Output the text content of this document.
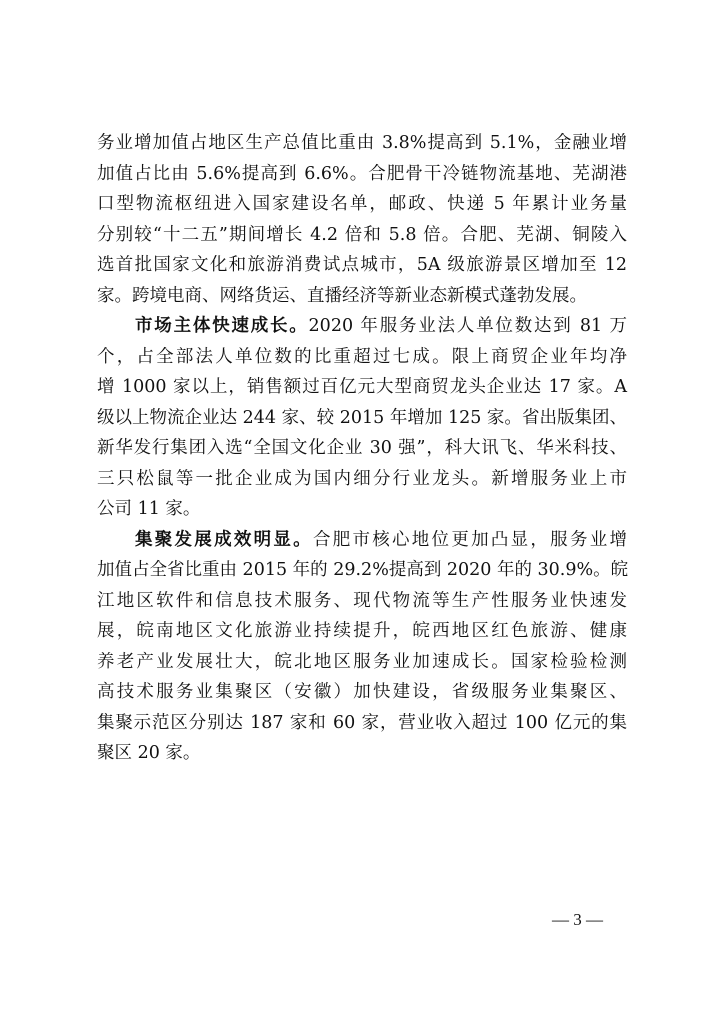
务业增加值占地区生产总值比重由 3.8%提高到 5.1%，金融业增
加值占比由 5.6%提高到 6.6%。合肥骨干冷链物流基地、芜湖港
口型物流枢纽进入国家建设名单，邮政、快递 5 年累计业务量
分别较“十二五”期间增长 4.2 倍和 5.8 倍。合肥、芜湖、铜陵入
选首批国家文化和旅游消费试点城市，5A 级旅游景区增加至 12
家。跨境电商、网络货运、直播经济等新业态新模式蓬勃发展。
市场主体快速成长。2020 年服务业法人单位数达到 81 万
个，占全部法人单位数的比重超过七成。限上商贸企业年均净
增 1000 家以上，销售额过百亿元大型商贸龙头企业达 17 家。A
级以上物流企业达 244 家、较 2015 年增加 125 家。省出版集团、
新华发行集团入选“全国文化企业 30 强”，科大讯飞、华米科技、
三只松鼠等一批企业成为国内细分行业龙头。新增服务业上市
公司 11 家。
集聚发展成效明显。合肥市核心地位更加凸显，服务业增
加值占全省比重由 2015 年的 29.2%提高到 2020 年的 30.9%。皖
江地区软件和信息技术服务、现代物流等生产性服务业快速发
展，皖南地区文化旅游业持续提升，皖西地区红色旅游、健康
养老产业发展壮大，皖北地区服务业加速成长。国家检验检测
高技术服务业集聚区（安徽）加快建设，省级服务业集聚区、
集聚示范区分别达 187 家和 60 家，营业收入超过 100 亿元的集
聚区 20 家。
— 3 —
